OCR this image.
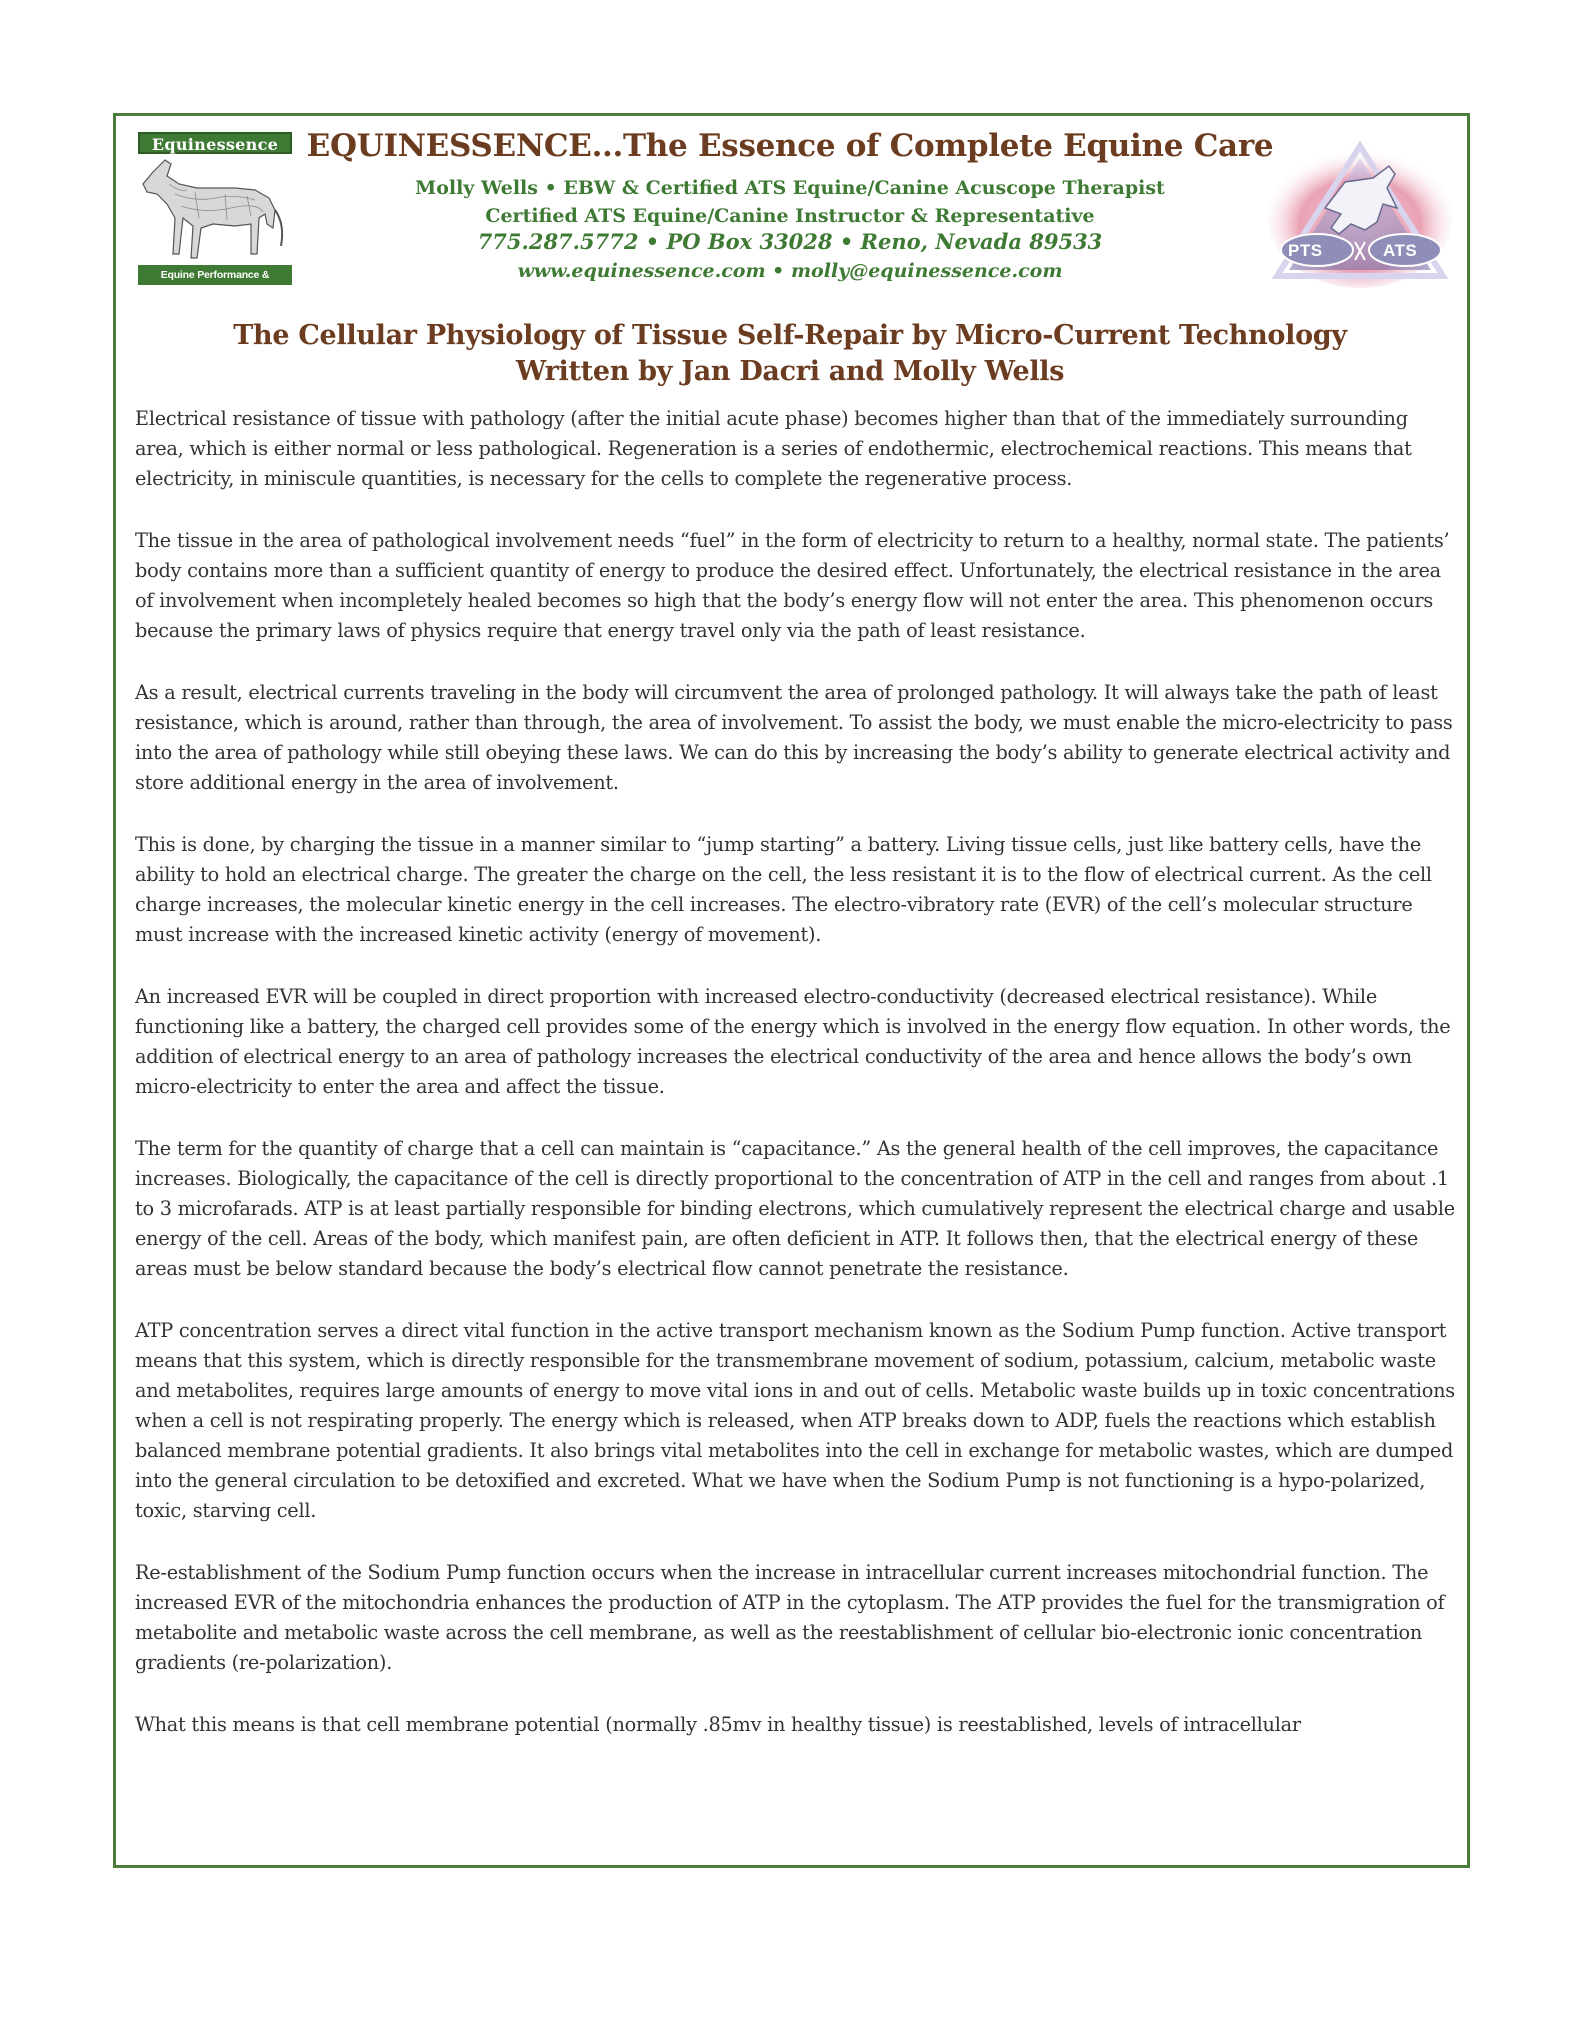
Equinessence
Equine Performance & Recovery Programs
EQUINESSENCE...The Essence of Complete Equine Care
Molly Wells • EBW & Certified ATS Equine/Canine Acuscope Therapist
Certified ATS Equine/Canine Instructor & Representative
775.287.5772 • PO Box 33028 • Reno, Nevada 89533
www.equinessence.com • molly@equinessence.com
PTS	ATS
The Cellular Physiology of Tissue Self-Repair by Micro-Current Technology
Written by Jan Dacri and Molly Wells

Electrical resistance of tissue with pathology (after the initial acute phase) becomes higher than that of the immediately surrounding area, which is either normal or less pathological. Regeneration is a series of endothermic, electrochemical reactions. This means that electricity, in miniscule quantities, is necessary for the cells to complete the regenerative process.

The tissue in the area of pathological involvement needs “fuel” in the form of electricity to return to a healthy, normal state. The patients’ body contains more than a sufficient quantity of energy to produce the desired effect. Unfortunately, the electrical resistance in the area of involvement when incompletely healed becomes so high that the body’s energy flow will not enter the area. This phenomenon occurs because the primary laws of physics require that energy travel only via the path of least resistance.

As a result, electrical currents traveling in the body will circumvent the area of prolonged pathology. It will always take the path of least resistance, which is around, rather than through, the area of involvement. To assist the body, we must enable the micro-electricity to pass into the area of pathology while still obeying these laws. We can do this by increasing the body’s ability to generate electrical activity and store additional energy in the area of involvement.

This is done, by charging the tissue in a manner similar to “jump starting” a battery. Living tissue cells, just like battery cells, have the ability to hold an electrical charge. The greater the charge on the cell, the less resistant it is to the flow of electrical current. As the cell charge increases, the molecular kinetic energy in the cell increases. The electro-vibratory rate (EVR) of the cell’s molecular structure must increase with the increased kinetic activity (energy of movement).

An increased EVR will be coupled in direct proportion with increased electro-conductivity (decreased electrical resistance). While functioning like a battery, the charged cell provides some of the energy which is involved in the energy flow equation. In other words, the addition of electrical energy to an area of pathology increases the electrical conductivity of the area and hence allows the body’s own micro-electricity to enter the area and affect the tissue.

The term for the quantity of charge that a cell can maintain is “capacitance.” As the general health of the cell improves, the capacitance increases. Biologically, the capacitance of the cell is directly proportional to the concentration of ATP in the cell and ranges from about .1 to 3 microfarads. ATP is at least partially responsible for binding electrons, which cumulatively represent the electrical charge and usable energy of the cell. Areas of the body, which manifest pain, are often deficient in ATP. It follows then, that the electrical energy of these areas must be below standard because the body’s electrical flow cannot penetrate the resistance.

ATP concentration serves a direct vital function in the active transport mechanism known as the Sodium Pump function. Active transport means that this system, which is directly responsible for the transmembrane movement of sodium, potassium, calcium, metabolic waste and metabolites, requires large amounts of energy to move vital ions in and out of cells. Metabolic waste builds up in toxic concentrations when a cell is not respirating properly. The energy which is released, when ATP breaks down to ADP, fuels the reactions which establish balanced membrane potential gradients. It also brings vital metabolites into the cell in exchange for metabolic wastes, which are dumped into the general circulation to be detoxified and excreted. What we have when the Sodium Pump is not functioning is a hypo-polarized, toxic, starving cell.

Re-establishment of the Sodium Pump function occurs when the increase in intracellular current increases mitochondrial function. The increased EVR of the mitochondria enhances the production of ATP in the cytoplasm. The ATP provides the fuel for the transmigration of metabolite and metabolic waste across the cell membrane, as well as the reestablishment of cellular bio-electronic ionic concentration gradients (re-polarization).

What this means is that cell membrane potential (normally .85mv in healthy tissue) is reestablished, levels of intracellular
